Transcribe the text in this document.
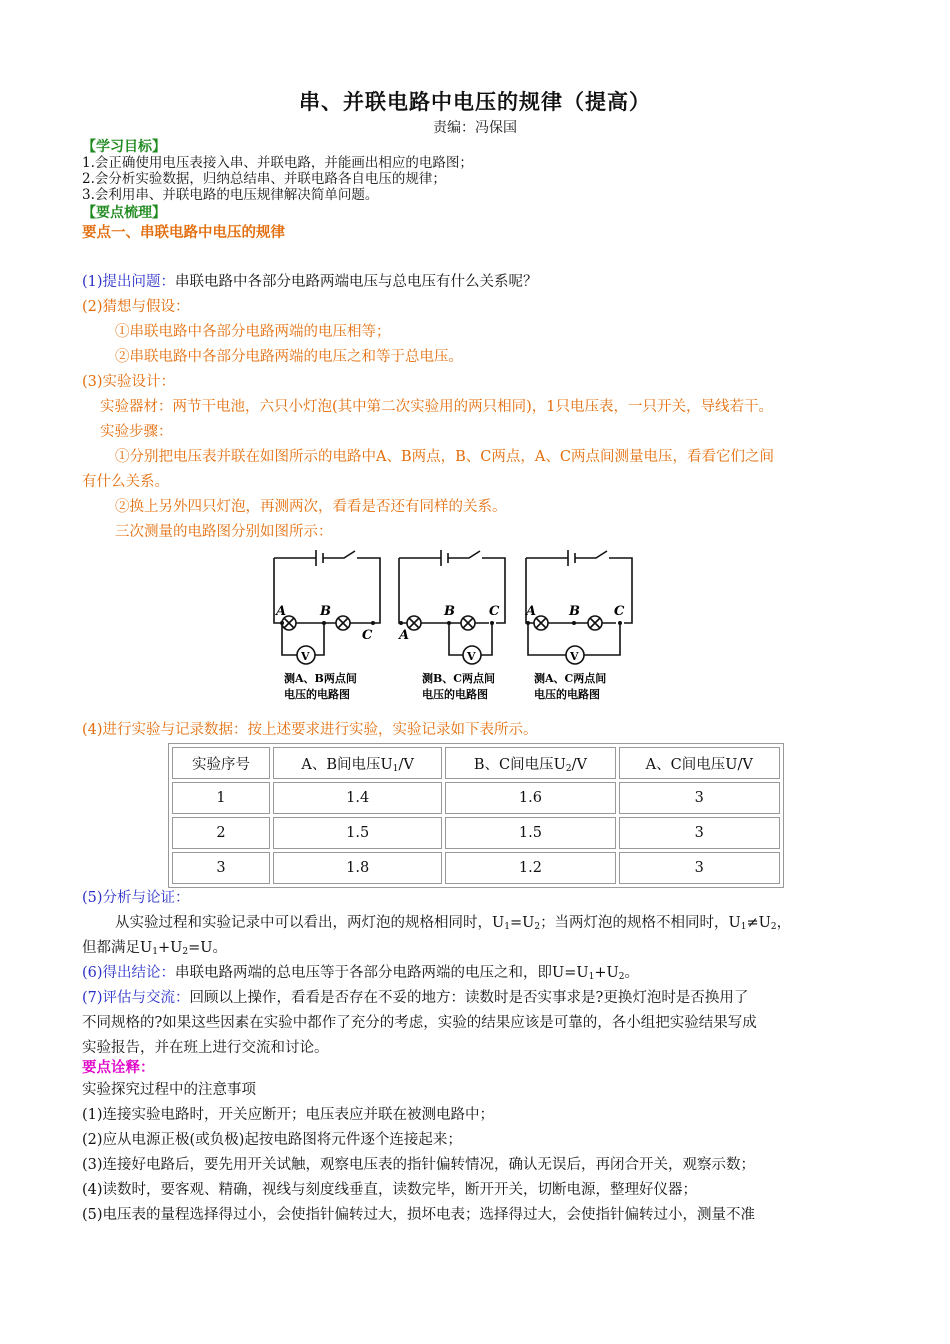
串、并联电路中电压的规律（提高）
责编：冯保国
【学习目标】
1.会正确使用电压表接入串、并联电路，并能画出相应的电路图；
2.会分析实验数据，归纳总结串、并联电路各自电压的规律；
3.会利用串、并联电路的电压规律解决简单问题。
【要点梳理】
要点一、串联电路中电压的规律
(1)提出问题：串联电路中各部分电路两端电压与总电压有什么关系呢？
(2)猜想与假设：
①串联电路中各部分电路两端的电压相等；
②串联电路中各部分电路两端的电压之和等于总电压。
(3)实验设计：
实验器材：两节干电池，六只小灯泡(其中第二次实验用的两只相同)，1只电压表，一只开关，导线若干。
实验步骤：
①分别把电压表并联在如图所示的电路中A、B两点，B、C两点，A、C两点间测量电压，看看它们之间
有什么关系。
②换上另外四只灯泡，再测两次，看看是否还有同样的关系。
三次测量的电路图分别如图所示：
A	B
C
V
测A、B两点间
电压的电路图
A
B	C
V
测B、C两点间
电压的电路图
A	B	C
V
测A、C两点间
电压的电路图
(4)进行实验与记录数据：按上述要求进行实验，实验记录如下表所示。
实验序号	A、B间电压$U_1/V$	B、C间电压$U_2/V$	A、C间电压U/V
1	1.4	1.6	3
2	1.5	1.5	3
3	1.8	1.2	3
(5)分析与论证：
从实验过程和实验记录中可以看出，两灯泡的规格相同时，$U_1=U_2$；当两灯泡的规格不相同时，$U_1\ne U_2$，
但都满足$U_1+U_2=U$。
(6)得出结论：串联电路两端的总电压等于各部分电路两端的电压之和，即$U=U_1+U_2$。
(7)评估与交流：回顾以上操作，看看是否存在不妥的地方：读数时是否实事求是?更换灯泡时是否换用了
不同规格的?如果这些因素在实验中都作了充分的考虑，实验的结果应该是可靠的，各小组把实验结果写成
实验报告，并在班上进行交流和讨论。
要点诠释：
实验探究过程中的注意事项
(1)连接实验电路时，开关应断开；电压表应并联在被测电路中；
(2)应从电源正极(或负极)起按电路图将元件逐个连接起来；
(3)连接好电路后，要先用开关试触，观察电压表的指针偏转情况，确认无误后，再闭合开关，观察示数；
(4)读数时，要客观、精确，视线与刻度线垂直，读数完毕，断开开关，切断电源，整理好仪器；
(5)电压表的量程选择得过小，会使指针偏转过大，损坏电表；选择得过大，会使指针偏转过小，测量不准
